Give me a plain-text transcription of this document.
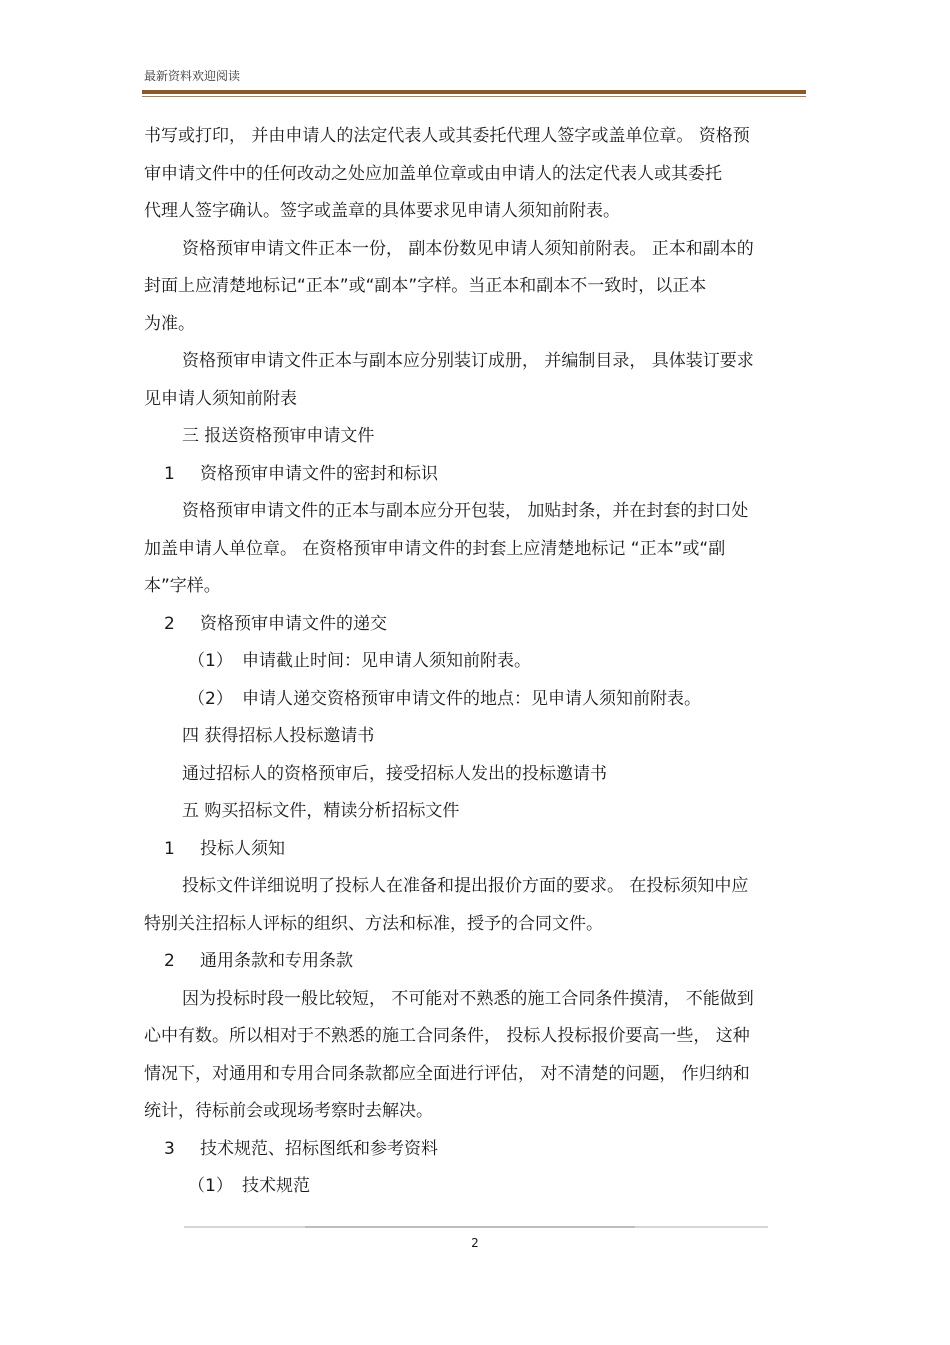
最新资料欢迎阅读

书写或打印， 并由申请人的法定代表人或其委托代理人签字或盖单位章。 资格预

审申请文件中的任何改动之处应加盖单位章或由申请人的法定代表人或其委托

代理人签字确认。签字或盖章的具体要求见申请人须知前附表。

资格预审申请文件正本一份， 副本份数见申请人须知前附表。 正本和副本的

封面上应清楚地标记“正本”或“副本”字样。当正本和副本不一致时，以正本

为准。

资格预审申请文件正本与副本应分别装订成册， 并编制目录， 具体装订要求

见申请人须知前附表

三 报送资格预审申请文件

1 资格预审申请文件的密封和标识

资格预审申请文件的正本与副本应分开包装， 加贴封条，并在封套的封口处

加盖申请人单位章。 在资格预审申请文件的封套上应清楚地标记 “正本”或“副

本”字样。

2 资格预审申请文件的递交

（1） 申请截止时间：见申请人须知前附表。

（2） 申请人递交资格预审申请文件的地点：见申请人须知前附表。

四 获得招标人投标邀请书

通过招标人的资格预审后，接受招标人发出的投标邀请书

五 购买招标文件，精读分析招标文件

1 投标人须知

投标文件详细说明了投标人在准备和提出报价方面的要求。 在投标须知中应

特别关注招标人评标的组织、方法和标准，授予的合同文件。

2 通用条款和专用条款

因为投标时段一般比较短， 不可能对不熟悉的施工合同条件摸清， 不能做到

心中有数。所以相对于不熟悉的施工合同条件， 投标人投标报价要高一些， 这种

情况下，对通用和专用合同条款都应全面进行评估， 对不清楚的问题， 作归纳和

统计，待标前会或现场考察时去解决。

3 技术规范、招标图纸和参考资料

（1） 技术规范

2
